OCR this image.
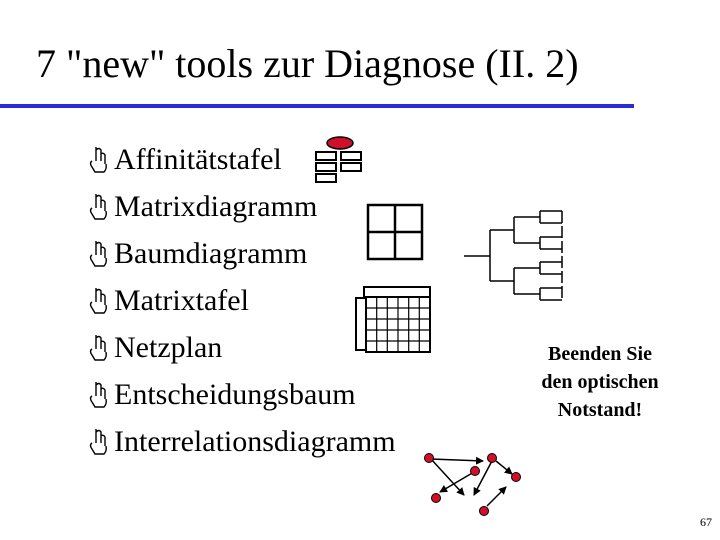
7 "new" tools zur Diagnose (II. 2)
Affinitätstafel
Matrixdiagramm
Baumdiagramm
Matrixtafel
Netzplan
Entscheidungsbaum
Interrelationsdiagramm
Beenden Sie
den optischen
Notstand!
67
